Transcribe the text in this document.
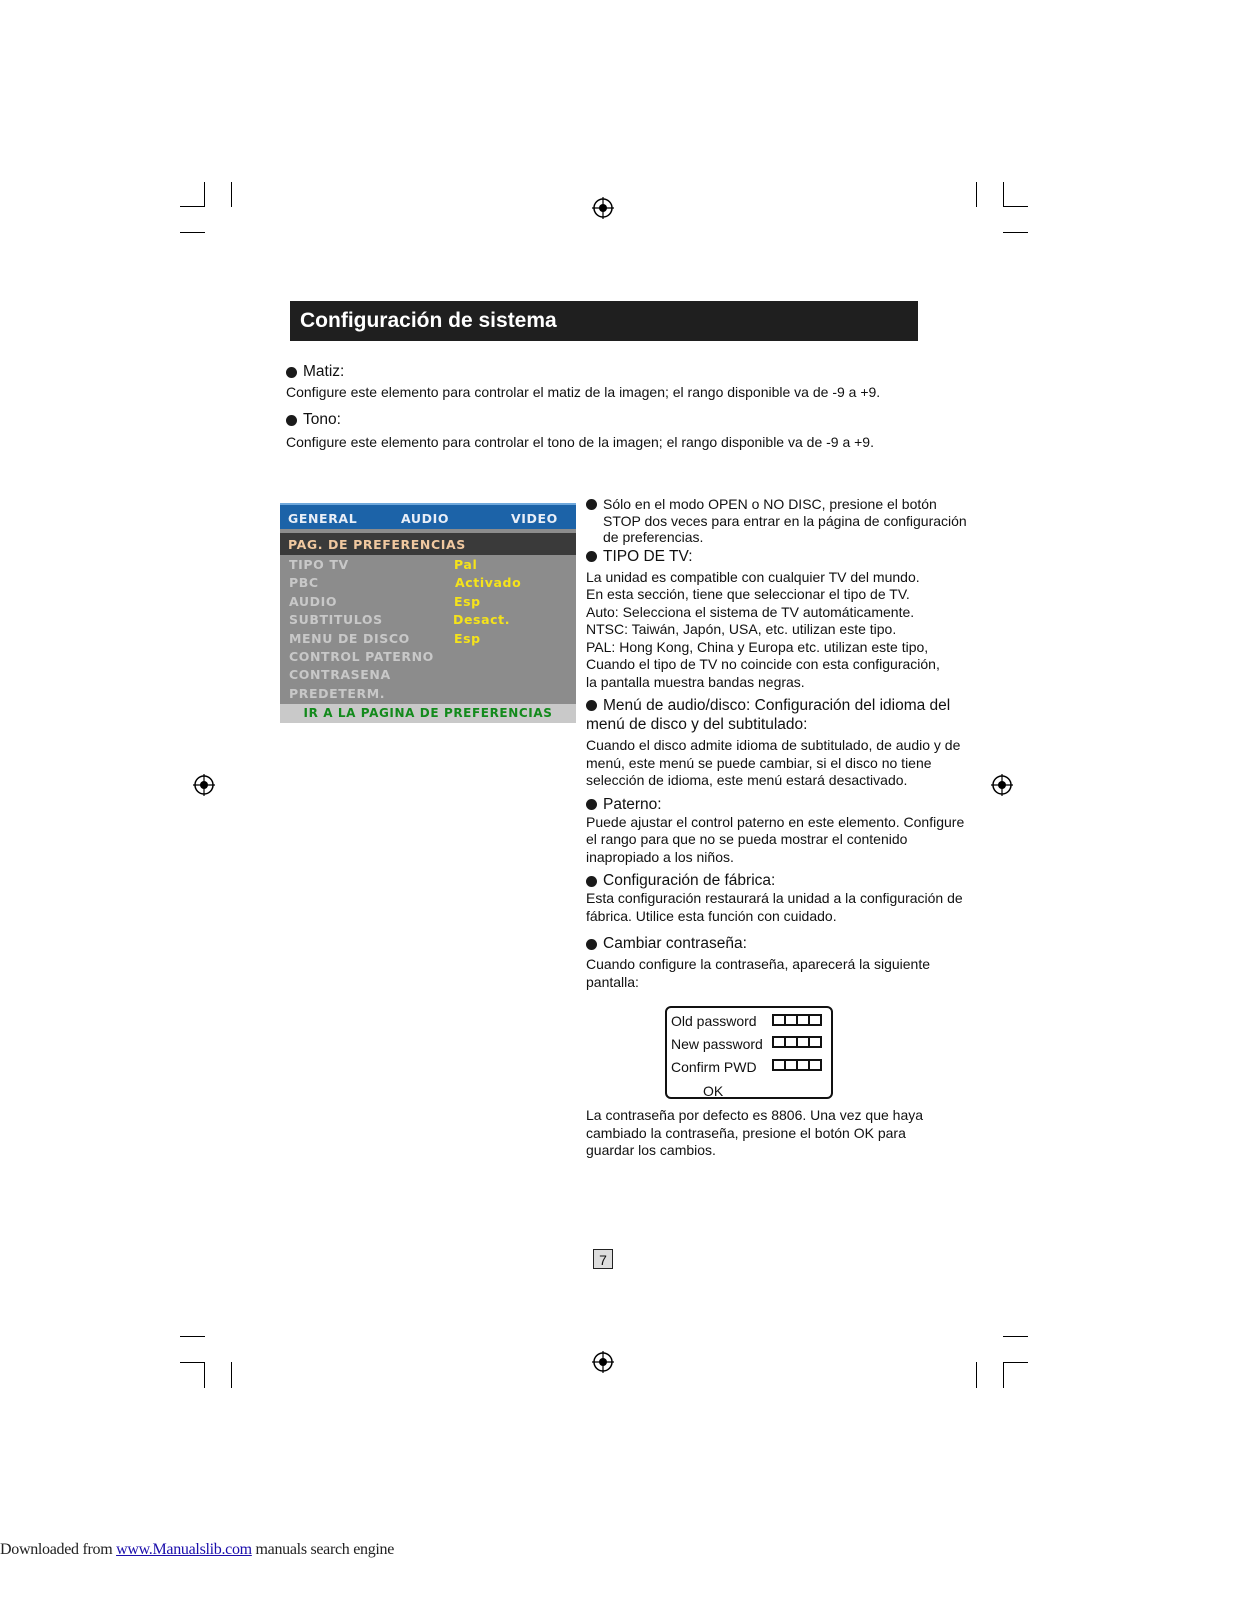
Configuración de sistema
Matiz:
Configure este elemento para controlar el matiz de la imagen; el rango disponible va de -9 a +9.
Tono:
Configure este elemento para controlar el tono de la imagen; el rango disponible va de -9 a +9.
GENERAL	AUDIO	VIDEO
PAG. DE PREFERENCIAS
TIPO TV	Pal
PBC	Activado
AUDIO	Esp
SUBTITULOS	Desact.
MENU DE DISCO	Esp
CONTROL PATERNO
CONTRASENA
PREDETERM.
IR A LA PAGINA DE PREFERENCIAS
Sólo en el modo OPEN o NO DISC, presione el botón STOP dos veces para entrar en la página de configuración de preferencias.
TIPO DE TV:
La unidad es compatible con cualquier TV del mundo.
En esta sección, tiene que seleccionar el tipo de TV.
Auto: Selecciona el sistema de TV automáticamente.
NTSC: Taiwán, Japón, USA, etc. utilizan este tipo.
PAL: Hong Kong, China y Europa etc. utilizan este tipo,
Cuando el tipo de TV no coincide con esta configuración,
la pantalla muestra bandas negras.
Menú de audio/disco: Configuración del idioma del menú de disco y del subtitulado:
Cuando el disco admite idioma de subtitulado, de audio y de menú, este menú se puede cambiar, si el disco no tiene selección de idioma, este menú estará desactivado.
Paterno:
Puede ajustar el control paterno en este elemento. Configure el rango para que no se pueda mostrar el contenido inapropiado a los niños.
Configuración de fábrica:
Esta configuración restaurará la unidad a la configuración de fábrica. Utilice esta función con cuidado.
Cambiar contraseña:
Cuando configure la contraseña, aparecerá la siguiente pantalla:
Old password
New password
Confirm PWD
OK
La contraseña por defecto es 8806. Una vez que haya cambiado la contraseña, presione el botón OK para guardar los cambios.
7
Downloaded from www.Manualslib.com manuals search engine
